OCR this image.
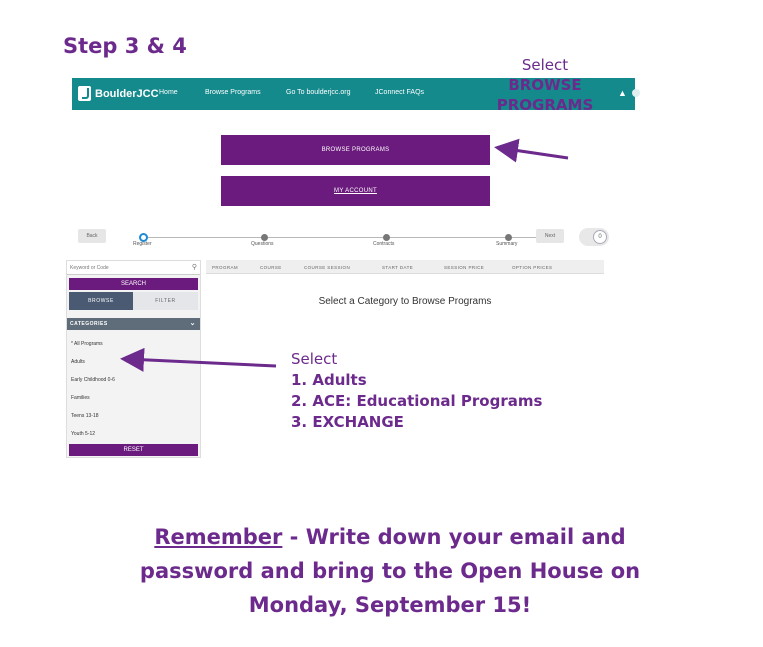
Step 3 & 4
BoulderJCC Home	Browse Programs	Go To boulderjcc.org	JConnect FAQs	▲
BROWSE PROGRAMS
MY ACCOUNT
Back
Register	Questions	Contracts	Summary
Next	0
Keyword or Code	⚲
SEARCH
BROWSE	FILTER
CATEGORIES	⌄
* All Programs
Adults
Early Childhood 0-6
Families
Teens 13-18
Youth 5-12
RESET
PROGRAM	COURSE	COURSE SESSION	START DATE	SESSION PRICE	OPTION PRICES
Select a Category to Browse Programs
Select
BROWSE
PROGRAMS
Select
1. Adults
2. ACE: Educational Programs
3. EXCHANGE
Remember - Write down your email and password and bring to the Open House on Monday, September 15!
